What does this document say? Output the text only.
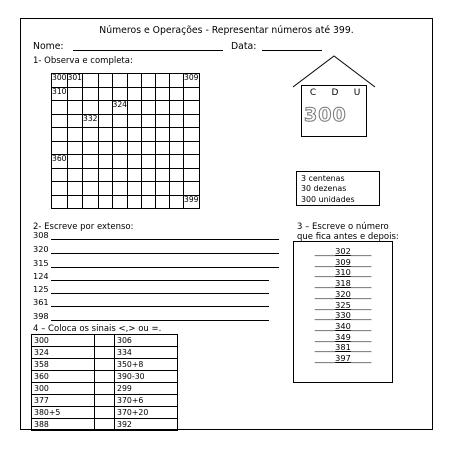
Números e Operações - Representar números até 399.
Nome:	Data:
1- Observa e completa:
300	301								309
310									
				324					
		332							

360									

									399
C	D	U
300
3 centenas
30 dezenas
300 unidades
2- Escreve por extenso:
308
320
315
124
125
361
398
3 – Escreve o número
que fica antes e depois:
_____302_____
_____309_____
_____310_____
_____318_____
_____320_____
_____325_____
_____330_____
_____340_____
_____349_____
_____381_____
_____397_____
4 – Coloca os sinais <,> ou =.
300		306
324		334
358		350+8
360		390-30
300		299
377		370+6
380+5		370+20
388		392
